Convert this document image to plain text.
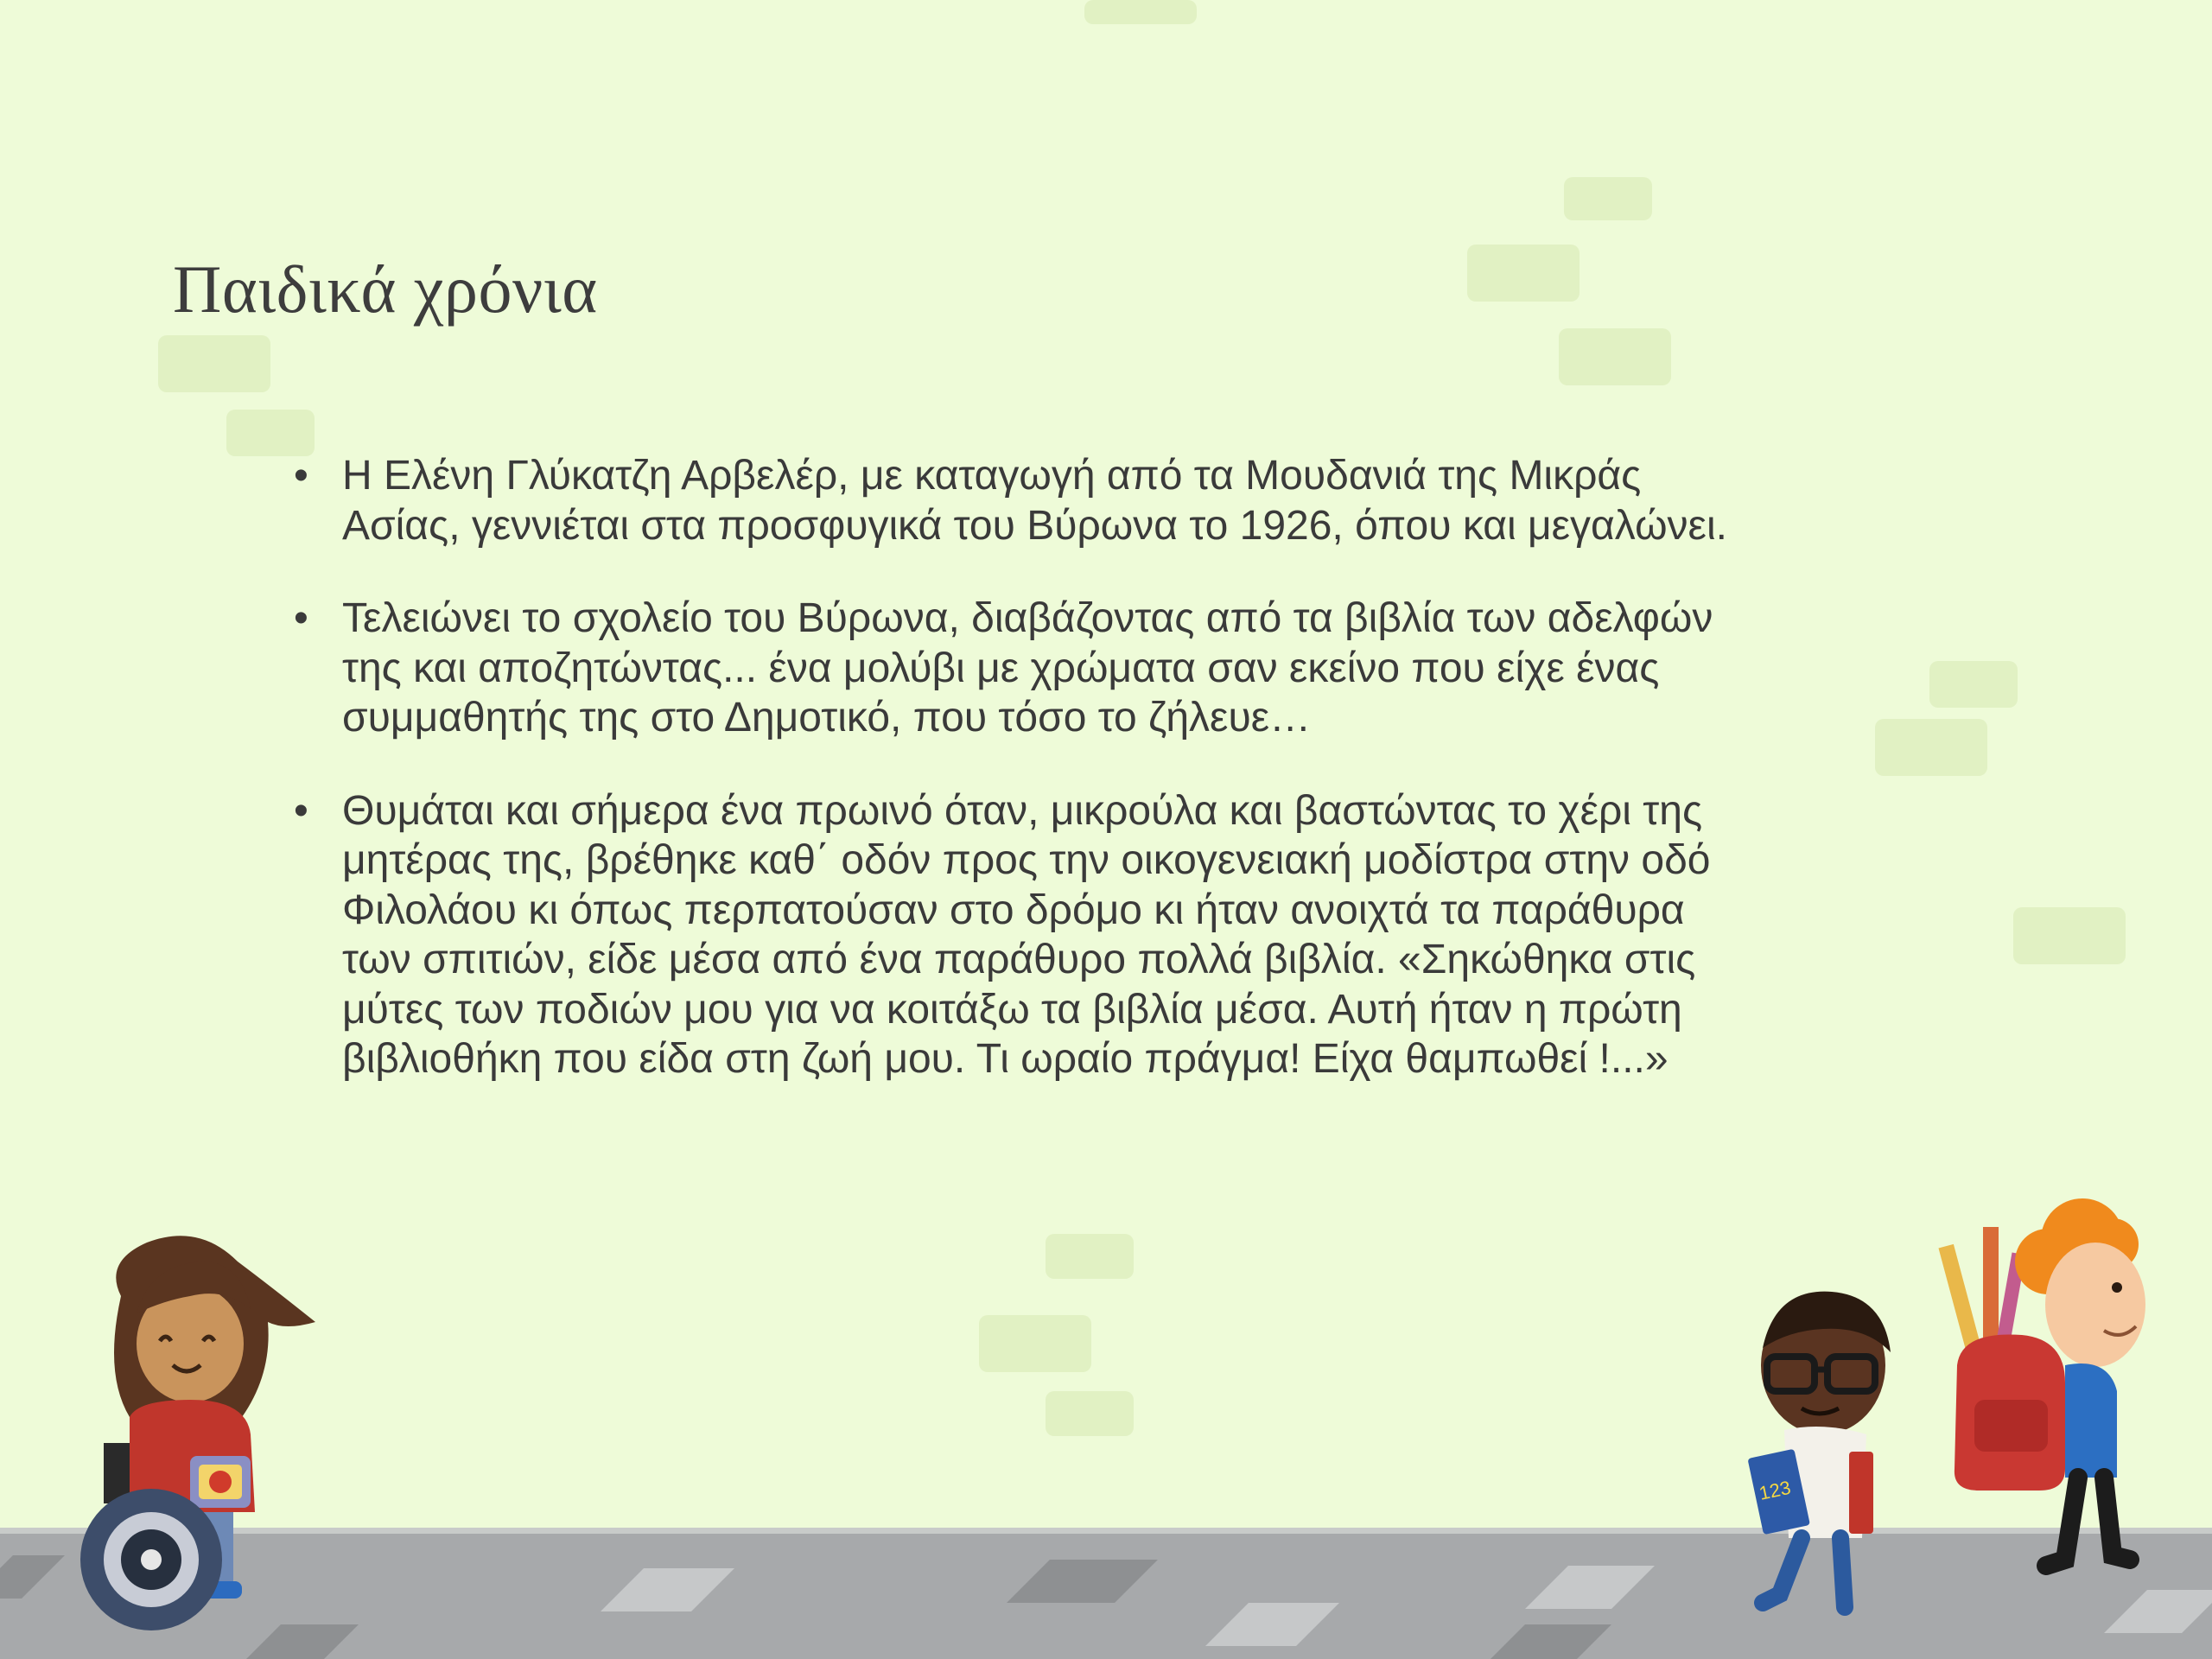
Παιδικά χρόνια
• Η Ελένη Γλύκατζη Αρβελέρ, με καταγωγή από τα Μουδανιά της Μικράς
Ασίας, γεννιέται στα προσφυγικά του Βύρωνα το 1926, όπου και μεγαλώνει.
• Τελειώνει το σχολείο του Βύρωνα, διαβάζοντας από τα βιβλία των αδελφών
της και αποζητώντας... ένα μολύβι με χρώματα σαν εκείνο που είχε ένας
συμμαθητής της στο Δημοτικό, που τόσο το ζήλευε…
• Θυμάται και σήμερα ένα πρωινό όταν, μικρούλα και βαστώντας το χέρι της
μητέρας της, βρέθηκε καθ΄ οδόν προς την οικογενειακή μοδίστρα στην οδό
Φιλολάου κι όπως περπατούσαν στο δρόμο κι ήταν ανοιχτά τα παράθυρα
των σπιτιών, είδε μέσα από ένα παράθυρο πολλά βιβλία. «Σηκώθηκα στις
μύτες των ποδιών μου για να κοιτάξω τα βιβλία μέσα. Αυτή ήταν η πρώτη
βιβλιοθήκη που είδα στη ζωή μου. Τι ωραίο πράγμα! Είχα θαμπωθεί !...»
123
